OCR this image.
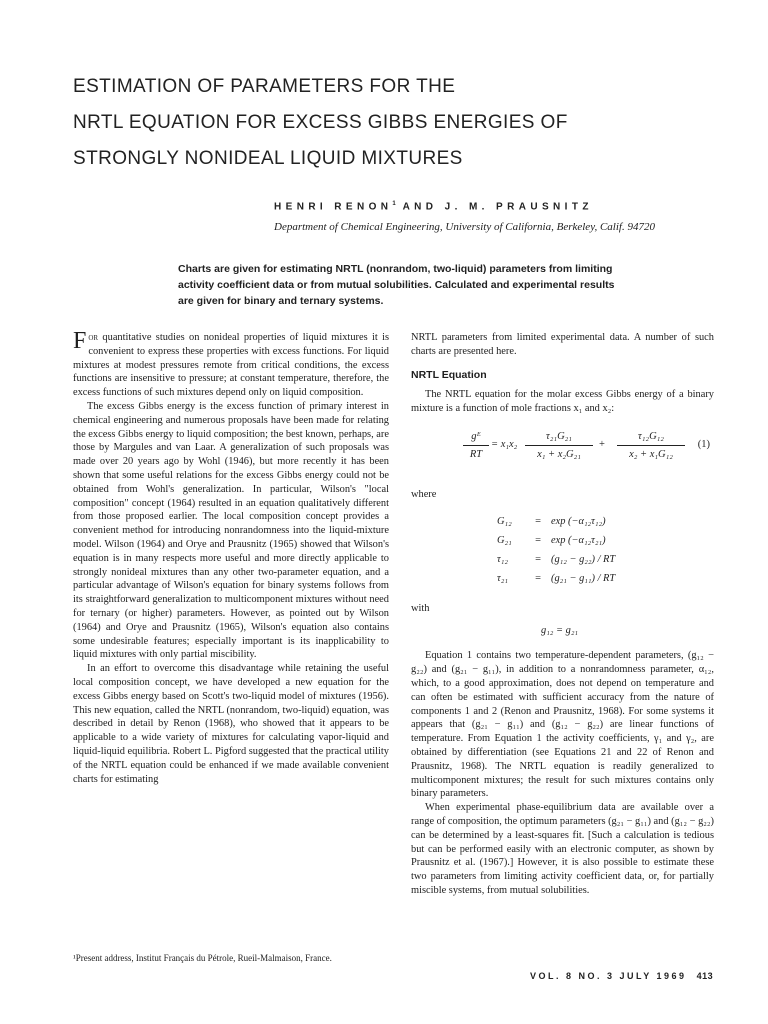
ESTIMATION OF PARAMETERS FOR THE
NRTL EQUATION FOR EXCESS GIBBS ENERGIES OF
STRONGLY NONIDEAL LIQUID MIXTURES
HENRI RENON$^1$ AND J. M. PRAUSNITZ
Department of Chemical Engineering, University of California, Berkeley, Calif. 94720
Charts are given for estimating NRTL (nonrandom, two-liquid) parameters from limiting activity coefficient data or from mutual solubilities. Calculated and experimental results are given for binary and ternary systems.

For quantitative studies on nonideal properties of liquid mixtures it is convenient to express these properties with excess functions. For liquid mixtures at modest pressures remote from critical conditions, the excess functions are insensitive to pressure; at constant temperature, therefore, the excess functions of such mixtures depend only on liquid composition.

The excess Gibbs energy is the excess function of primary interest in chemical engineering and numerous proposals have been made for relating the excess Gibbs energy to liquid composition; the best known, perhaps, are those by Margules and van Laar. A generalization of such proposals was made over 20 years ago by Wohl (1946), but more recently it has been shown that some useful relations for the excess Gibbs energy could not be obtained from Wohl's generalization. In particular, Wilson's "local composition" concept (1964) resulted in an equation qualitatively different from those proposed earlier. The local composition concept provides a convenient method for introducing nonrandomness into the liquid-mixture model. Wilson (1964) and Orye and Prausnitz (1965) showed that Wilson's equation is in many respects more useful and more directly applicable to strongly nonideal mixtures than any other two-parameter equation, and a particular advantage of Wilson's equation for binary systems follows from its straightforward generalization to multicomponent mixtures without need for ternary (or higher) parameters. However, as pointed out by Wilson (1964) and Orye and Prausnitz (1965), Wilson's equation also contains some undesirable features; especially important is its inapplicability to liquid mixtures with only partial miscibility.

In an effort to overcome this disadvantage while retaining the useful local composition concept, we have developed a new equation for the excess Gibbs energy based on Scott's two-liquid model of mixtures (1956). This new equation, called the NRTL (nonrandom, two-liquid) equation, was described in detail by Renon (1968), who showed that it appears to be applicable to a wide variety of mixtures for calculating vapor-liquid and liquid-liquid equilibria. Robert L. Pigford suggested that the practical utility of the NRTL equation could be enhanced if we made available convenient charts for estimating

¹Present address, Institut Français du Pétrole, Rueil-Malmaison, France.

NRTL parameters from limited experimental data. A number of such charts are presented here.

NRTL Equation

The NRTL equation for the molar excess Gibbs energy of a binary mixture is a function of mole fractions x₁ and x₂:

$\frac{\text{gᴱ}}{RT} = x_1x_2 \frac{\text{τ₂₁G₂₁}}{\text{x₁ + x₂G₂₁}} + \frac{\text{τ₁₂G₁₂}}{\text{x₂ + x₁G₁₂}} (1)$
where
G₁₂	= exp (−α₁₂τ₁₂)
G₂₁	= exp (−α₁₂τ₂₁)
τ₁₂	= (g₁₂ − g₂₂) / RT
τ₂₁	= (g₂₁ − g₁₁) / RT
with
g₁₂ = g₂₁

Equation 1 contains two temperature-dependent parameters, (g₁₂ − g₂₂) and (g₂₁ − g₁₁), in addition to a nonrandomness parameter, α₁₂, which, to a good approximation, does not depend on temperature and can often be estimated with sufficient accuracy from the nature of components 1 and 2 (Renon and Prausnitz, 1968). For some systems it appears that (g₂₁ − g₁₁) and (g₁₂ − g₂₂) are linear functions of temperature. From Equation 1 the activity coefficients, γ₁ and γ₂, are obtained by differentiation (see Equations 21 and 22 of Renon and Prausnitz, 1968). The NRTL equation is readily generalized to multicomponent mixtures; the result for such mixtures contains only binary parameters.

When experimental phase-equilibrium data are available over a range of composition, the optimum parameters (g₂₁ − g₁₁) and (g₁₂ − g₂₂) can be determined by a least-squares fit. [Such a calculation is tedious but can be performed easily with an electronic computer, as shown by Prausnitz et al. (1967).] However, it is also possible to estimate these two parameters from limiting activity coefficient data, or, for partially miscible systems, from mutual solubilities.

VOL. 8 NO. 3 JULY 1969 413
